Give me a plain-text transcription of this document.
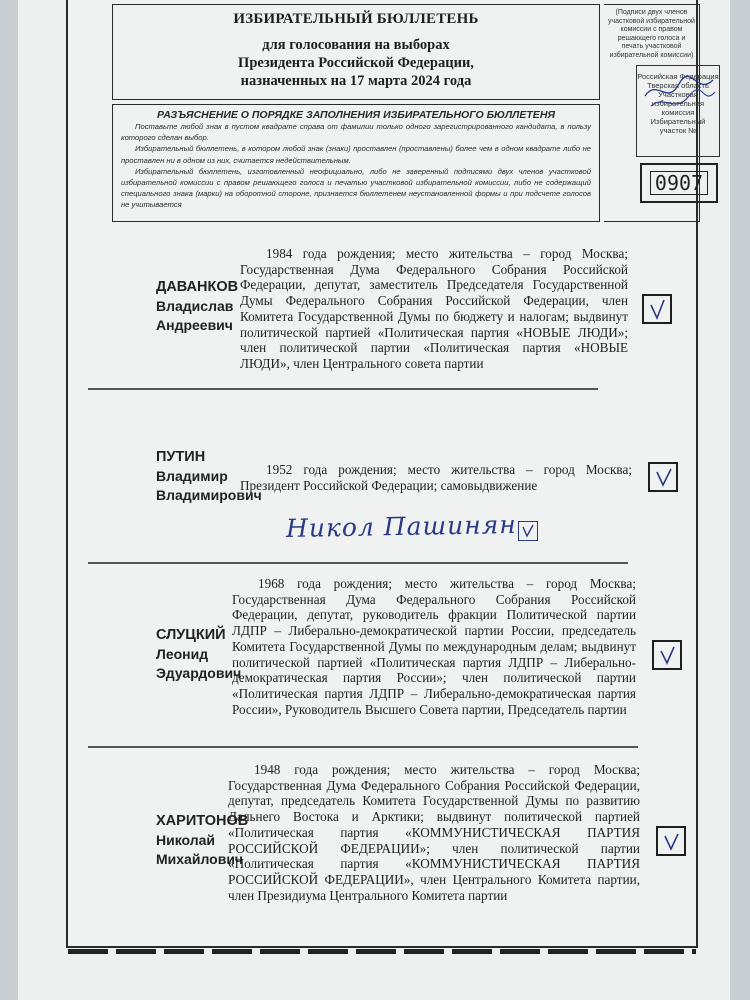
ИЗБИРАТЕЛЬНЫЙ БЮЛЛЕТЕНЬ
для голосования на выборах
Президента Российской Федерации,
назначенных на 17 марта 2024 года
РАЗЪЯСНЕНИЕ О ПОРЯДКЕ ЗАПОЛНЕНИЯ ИЗБИРАТЕЛЬНОГО БЮЛЛЕТЕНЯ

Поставьте любой знак в пустом квадрате справа от фамилии только одного зарегистрированного кандидата, в пользу которого сделан выбор.

Избирательный бюллетень, в котором любой знак (знаки) проставлен (проставлены) более чем в одном квадрате либо не проставлен ни в одном из них, считается недействительным.

Избирательный бюллетень, изготовленный неофициально, либо не заверенный подписями двух членов участковой избирательной комиссии с правом решающего голоса и печатью участковой избирательной комиссии, либо не содержащий специального знака (марки) на оборотной стороне, признается бюллетенем неустановленной формы и при подсчете голосов не учитывается

(Подписи двух членов участковой избирательной комиссии с правом решающего голоса и печать участковой избирательной комиссии)
Российская Федерация
Тверская область
Участковая
избирательная
комиссия
Избирательный
участок №
0907
ДАВАНКОВ
Владислав
Андреевич
1984 года рождения; место жительства – город Москва; Государственная Дума Федерального Собрания Российской Федерации, депутат, заместитель Председателя Государственной Думы Федерального Собрания Российской Федерации, член Комитета Государственной Думы по бюджету и налогам; выдвинут политической партией «Политическая партия «НОВЫЕ ЛЮДИ»; член политической партии «Политическая партия «НОВЫЕ ЛЮДИ», член Центрального совета партии
ПУТИН
Владимир
Владимирович
1952 года рождения; место жительства – город Москва; Президент Российской Федерации; самовыдвижение
Никол Пашинян
СЛУЦКИЙ
Леонид
Эдуардович
1968 года рождения; место жительства – город Москва; Государственная Дума Федерального Собрания Российской Федерации, депутат, руководитель фракции Политической партии ЛДПР – Либерально-демократической партии России, председатель Комитета Государственной Думы по международным делам; выдвинут политической партией «Политическая партия ЛДПР – Либерально-демократическая партия России»; член политической партии «Политическая партия ЛДПР – Либерально-демократическая партия России», Руководитель Высшего Совета партии, Председатель партии
ХАРИТОНОВ
Николай
Михайлович
1948 года рождения; место жительства – город Москва; Государственная Дума Федерального Собрания Российской Федерации, депутат, председатель Комитета Государственной Думы по развитию Дальнего Востока и Арктики; выдвинут политической партией «Политическая партия «КОММУНИСТИЧЕСКАЯ ПАРТИЯ РОССИЙСКОЙ ФЕДЕРАЦИИ»; член политической партии «Политическая партия «КОММУНИСТИЧЕСКАЯ ПАРТИЯ РОССИЙСКОЙ ФЕДЕРАЦИИ», член Центрального Комитета партии, член Президиума Центрального Комитета партии
